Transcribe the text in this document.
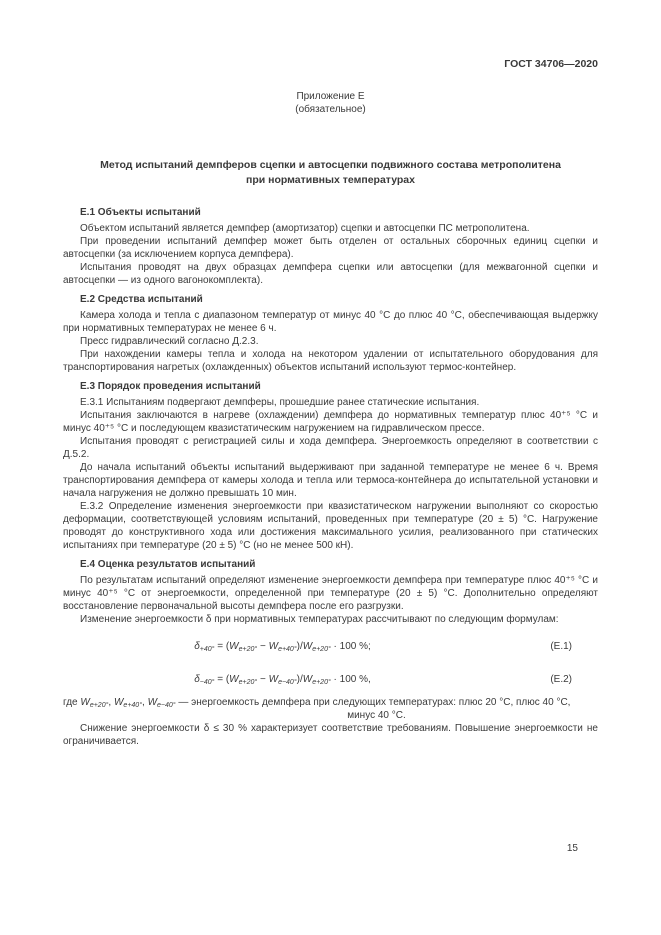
ГОСТ 34706—2020
Приложение Е
(обязательное)
Метод испытаний демпферов сцепки и автосцепки подвижного состава метрополитена
при нормативных температурах
Е.1 Объекты испытаний

Объектом испытаний является демпфер (амортизатор) сцепки и автосцепки ПС метрополитена.

При проведении испытаний демпфер может быть отделен от остальных сборочных единиц сцепки и автосцепки (за исключением корпуса демпфера).

Испытания проводят на двух образцах демпфера сцепки или автосцепки (для межвагонной сцепки и автосцепки — из одного вагонокомплекта).

Е.2 Средства испытаний

Камера холода и тепла с диапазоном температур от минус 40 °С до плюс 40 °С, обеспечивающая выдержку при нормативных температурах не менее 6 ч.

Пресс гидравлический согласно Д.2.3.

При нахождении камеры тепла и холода на некотором удалении от испытательного оборудования для транспортирования нагретых (охлажденных) объектов испытаний используют термос-контейнер.

Е.3 Порядок проведения испытаний

Е.3.1 Испытаниям подвергают демпферы, прошедшие ранее статические испытания.

Испытания заключаются в нагреве (охлаждении) демпфера до нормативных температур плюс 40⁺⁵ °С и минус 40⁺⁵ °С и последующем квазистатическим нагружением на гидравлическом прессе.

Испытания проводят с регистрацией силы и хода демпфера. Энергоемкость определяют в соответствии с Д.5.2.

До начала испытаний объекты испытаний выдерживают при заданной температуре не менее 6 ч. Время транспортирования демпфера от камеры холода и тепла или термоса-контейнера до испытательной установки и начала нагружения не должно превышать 10 мин.

Е.3.2 Определение изменения энергоемкости при квазистатическом нагружении выполняют со скоростью деформации, соответствующей условиям испытаний, проведенных при температуре (20 ± 5) °С. Нагружение проводят до конструктивного хода или достижения максимального усилия, реализованного при статических испытаниях при температуре (20 ± 5) °С (но не менее 500 кН).

Е.4 Оценка результатов испытаний

По результатам испытаний определяют изменение энергоемкости демпфера при температуре плюс 40⁺⁵ °С и минус 40⁺⁵ °С от энергоемкости, определенной при температуре (20 ± 5) °С. Дополнительно определяют восстановление первоначальной высоты демпфера после его разгрузки.

Изменение энергоемкости δ при нормативных температурах рассчитывают по следующим формулам:

$\delta_{+40^\circ} = (W_{е+20^\circ} - W_{е+40^\circ})/W_{е+20^\circ} \cdot 100$ %;	(Е.1)
$\delta_{-40^\circ} = (W_{е+20^\circ} - W_{е-40^\circ})/W_{е+20^\circ} \cdot 100$ %,	(Е.2)

где $W_{е+20^\circ}$, $W_{е+40^\circ}$, $W_{е-40^\circ}$ — энергоемкость демпфера при следующих температурах: плюс 20 °С, плюс 40 °С,
минус 40 °С.

Снижение энергоемкости δ ≤ 30 % характеризует соответствие требованиям. Повышение энергоемкости не ограничивается.

15
